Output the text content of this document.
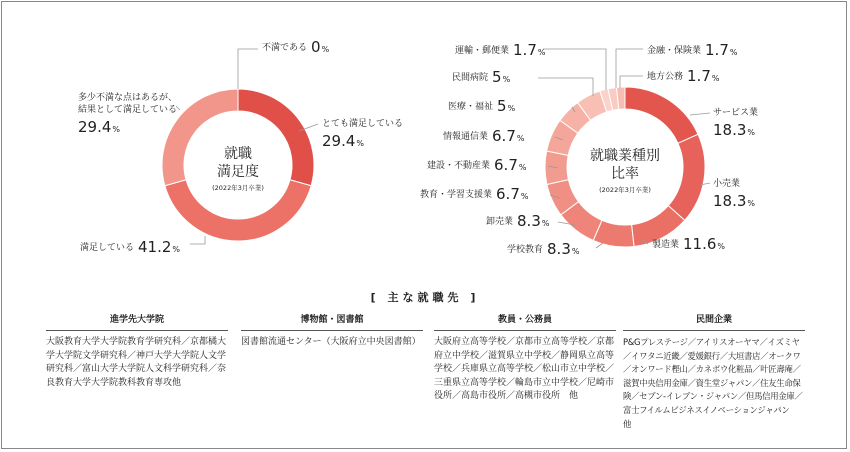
就職
満足度
(2022年3月卒業)
就職業種別
比率
(2022年3月卒業)
とても満足している
29.4%
満足している 41.2%
多少不満な点はあるが、
結果として満足している
29.4%
不満である 0%
サービス業
18.3%
小売業
18.3%
製造業 11.6%
学校教育 8.3%
卸売業 8.3%
教育・学習支援業 6.7%
建設・不動産業 6.7%
情報通信業 6.7%
医療・福祉 5%
民間病院 5%
運輸・郵便業 1.7%	金融・保険業 1.7%
地方公務 1.7%
[ 主な就職先 ]
進学先大学院
大阪教育大学大学院教育学研究科／京都橘大学大学院文学研究科／神戸大学大学院人文学研究科／富山大学大学院人文科学研究科／奈良教育大学大学院教科教育専攻他
博物館・図書館
図書館流通センター（大阪府立中央図書館）
教員・公務員
大阪府立高等学校／京都市立高等学校／京都府立中学校／滋賀県立中学校／静岡県立高等学校／兵庫県立高等学校／松山市立中学校／三重県立高等学校／輪島市立中学校／尼崎市役所／高島市役所／高槻市役所　他
民間企業
P&Gプレステージ／アイリスオーヤマ／イズミヤ／イワタニ近畿／愛媛銀行／大垣書店／オークワ／オンワード樫山／カネボウ化粧品／叶匠壽庵／滋賀中央信用金庫／資生堂ジャパン／住友生命保険／セブン-イレブン・ジャパン／但馬信用金庫／富士フイルムビジネスイノベーションジャパン　他
